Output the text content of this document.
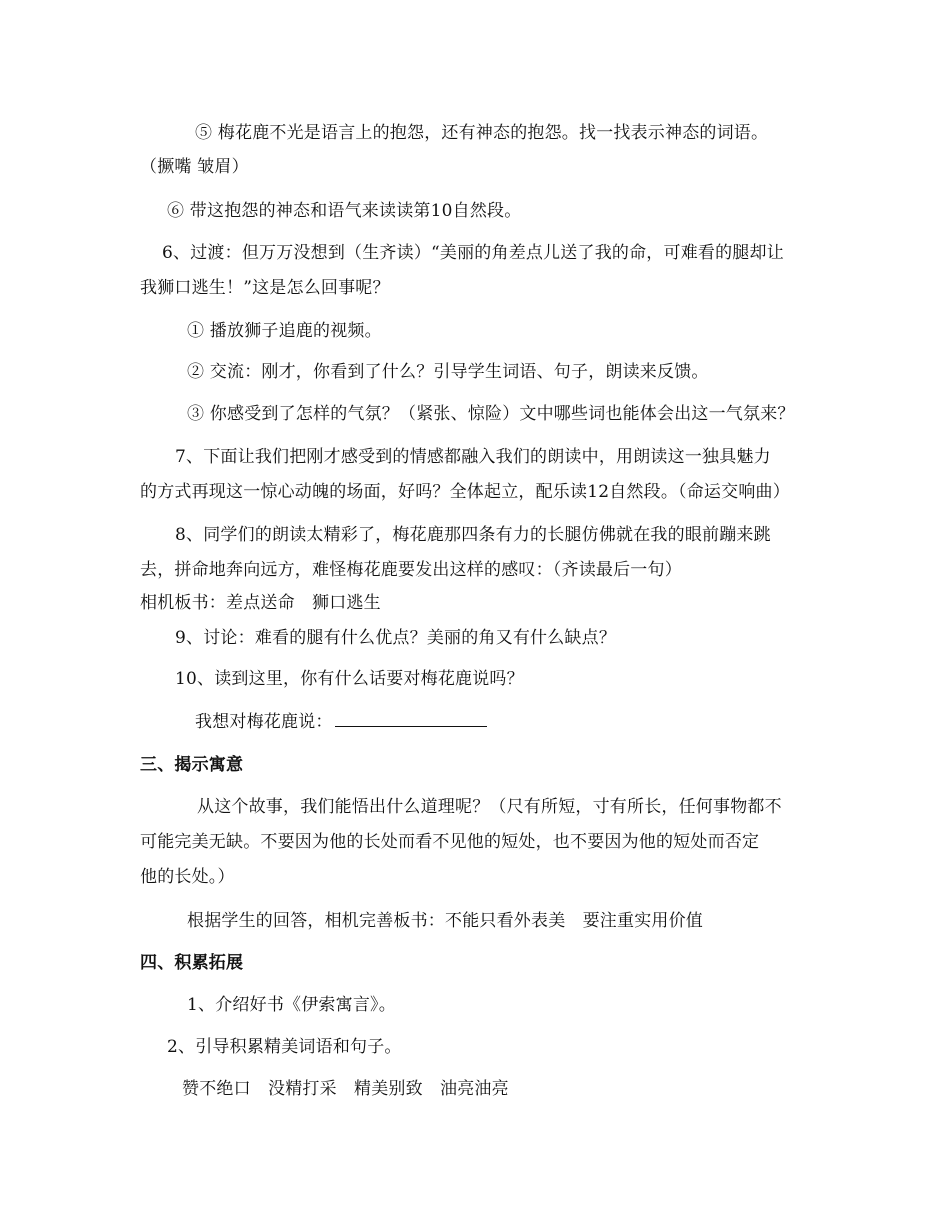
⑤ 梅花鹿不光是语言上的抱怨，还有神态的抱怨。找一找表示神态的词语。
（撅嘴 皱眉）
⑥ 带这抱怨的神态和语气来读读第10自然段。
6、过渡：但万万没想到（生齐读）“美丽的角差点儿送了我的命，可难看的腿却让
我狮口逃生！”这是怎么回事呢？
① 播放狮子追鹿的视频。
② 交流：刚才，你看到了什么？引导学生词语、句子，朗读来反馈。
③ 你感受到了怎样的气氛？（紧张、惊险）文中哪些词也能体会出这一气氛来？
7、下面让我们把刚才感受到的情感都融入我们的朗读中，用朗读这一独具魅力
的方式再现这一惊心动魄的场面，好吗？全体起立，配乐读12自然段。（命运交响曲）
8、同学们的朗读太精彩了，梅花鹿那四条有力的长腿仿佛就在我的眼前蹦来跳
去，拼命地奔向远方，难怪梅花鹿要发出这样的感叹：（齐读最后一句）
相机板书：差点送命　狮口逃生
9、讨论：难看的腿有什么优点？美丽的角又有什么缺点？
10、读到这里，你有什么话要对梅花鹿说吗？
我想对梅花鹿说：
三、揭示寓意
从这个故事，我们能悟出什么道理呢？（尺有所短，寸有所长，任何事物都不
可能完美无缺。不要因为他的长处而看不见他的短处，也不要因为他的短处而否定
他的长处。）
根据学生的回答，相机完善板书：不能只看外表美　要注重实用价值
四、积累拓展
1、介绍好书《伊索寓言》。
2、引导积累精美词语和句子。
赞不绝口　没精打采　精美别致　油亮油亮
